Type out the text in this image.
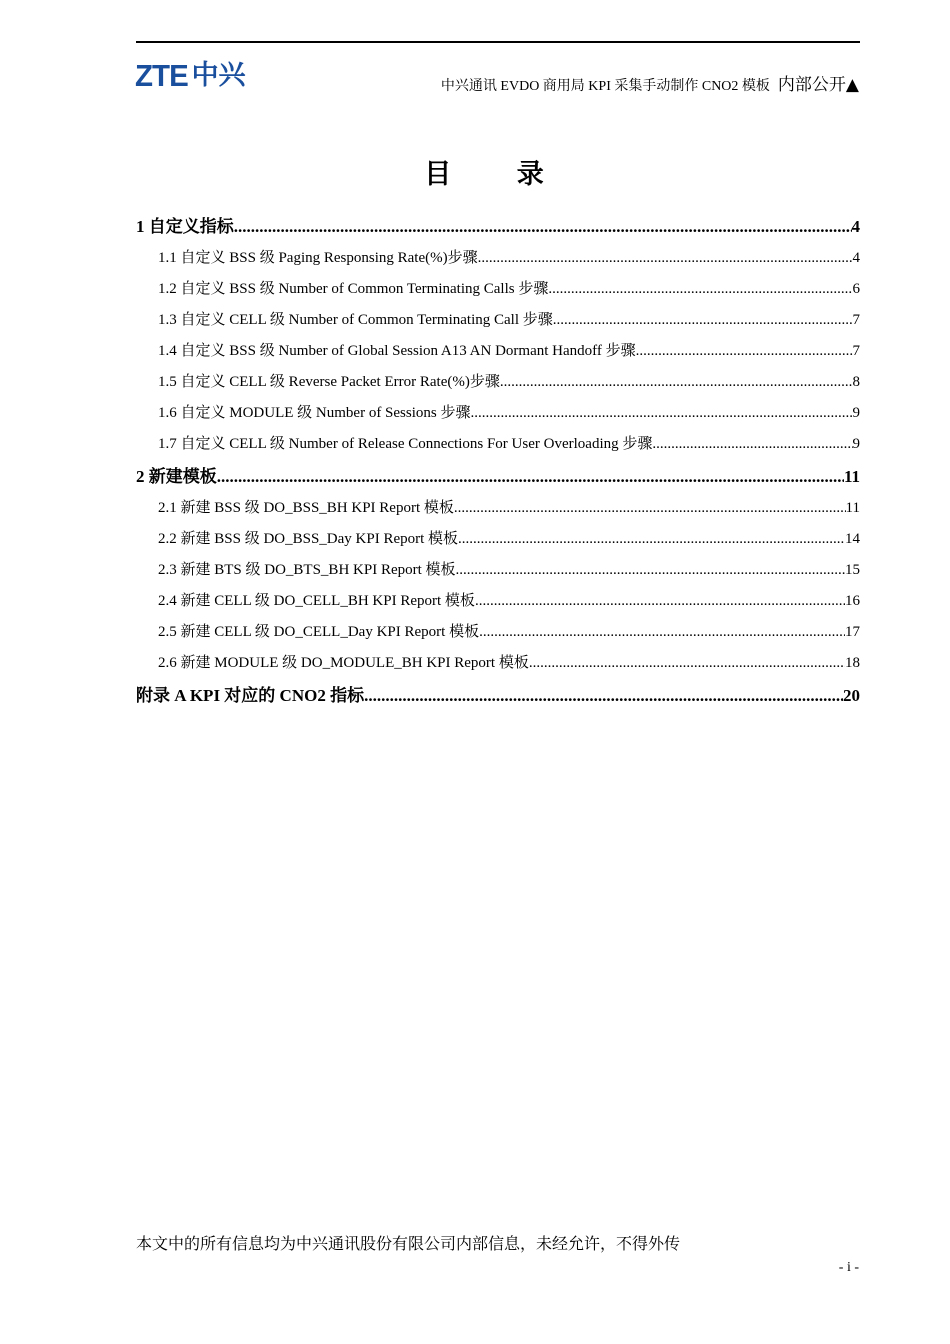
ZTE 中兴	中兴通讯 EVDO 商用局 KPI 采集手动制作 CNO2 模板 内部公开▲
目 录
1 自定义指标 .....	4
1.1 自定义 BSS 级 Paging Responsing Rate(%)步骤 .....	4
1.2 自定义 BSS 级 Number of Common Terminating Calls 步骤 .....	6
1.3 自定义 CELL 级 Number of Common Terminating Call 步骤 .....	7
1.4 自定义 BSS 级 Number of Global Session A13 AN Dormant Handoff 步骤 .....	7
1.5 自定义 CELL 级 Reverse Packet Error Rate(%)步骤 .....	8
1.6 自定义 MODULE 级 Number of Sessions 步骤 .....	9
1.7 自定义 CELL 级 Number of Release Connections For User Overloading 步骤 .....	9
2 新建模板 .....	11
2.1 新建 BSS 级 DO_BSS_BH KPI Report 模板 .....	11
2.2 新建 BSS 级 DO_BSS_Day KPI Report 模板 .....	14
2.3 新建 BTS 级 DO_BTS_BH KPI Report 模板 .....	15
2.4 新建 CELL 级 DO_CELL_BH KPI Report 模板 .....	16
2.5 新建 CELL 级 DO_CELL_Day KPI Report 模板 .....	17
2.6 新建 MODULE 级 DO_MODULE_BH KPI Report 模板 .....	18
附录 A KPI 对应的 CNO2 指标 .....	20
本文中的所有信息均为中兴通讯股份有限公司内部信息，未经允许，不得外传
- i -
